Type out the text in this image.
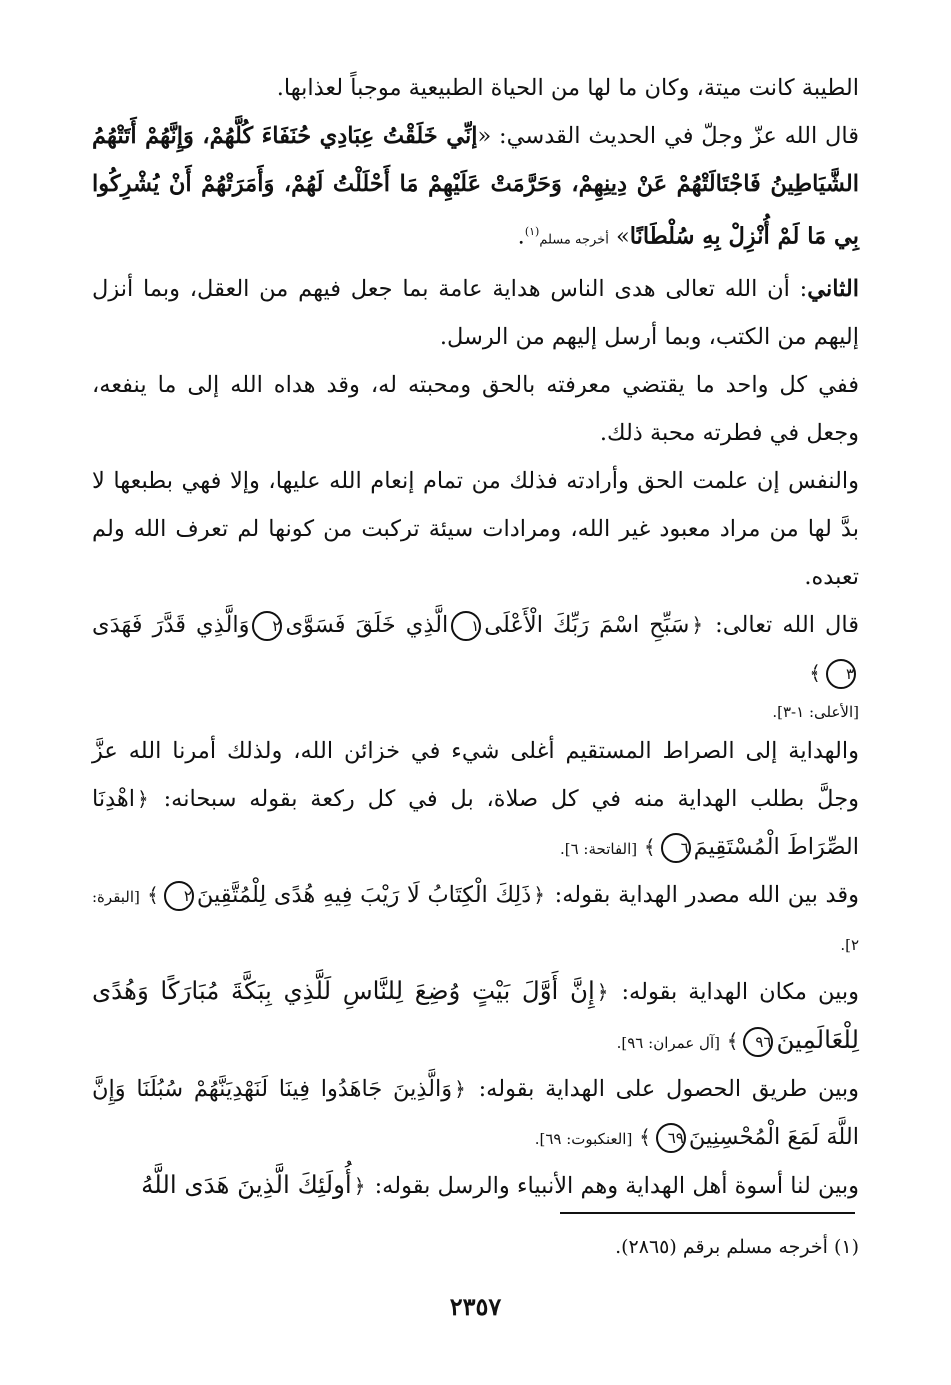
الطيبة كانت ميتة، وكان ما لها من الحياة الطبيعية موجباً لعذابها.

قال الله عزّ وجلّ في الحديث القدسي: «إنِّي خَلَقْتُ عِبَادِي حُنَفَاءَ كُلَّهُمْ، وَإِنَّهُمْ أَتَتْهُمُ الشَّيَاطِينُ فَاجْتَالَتْهُمْ عَنْ دِينِهِمْ، وَحَرَّمَتْ عَلَيْهِمْ مَا أَحْلَلْتُ لَهُمْ، وَأَمَرَتْهُمْ أَنْ يُشْرِكُوا بِي مَا لَمْ أُنْزِلْ بِهِ سُلْطَانًا» أخرجه مسلم$^{(١)}$.

الثاني: أن الله تعالى هدى الناس هداية عامة بما جعل فيهم من العقل، وبما أنزل إليهم من الكتب، وبما أرسل إليهم من الرسل.

ففي كل واحد ما يقتضي معرفته بالحق ومحبته له، وقد هداه الله إلى ما ينفعه، وجعل في فطرته محبة ذلك.

والنفس إن علمت الحق وأرادته فذلك من تمام إنعام الله عليها، وإلا فهي بطبعها لا بدَّ لها من مراد معبود غير الله، ومرادات سيئة تركبت من كونها لم تعرف الله ولم تعبده.

قال الله تعالى: ﴿سَبِّحِ اسْمَ رَبِّكَ الْأَعْلَى١الَّذِي خَلَقَ فَسَوَّى٢وَالَّذِي قَدَّرَ فَهَدَى٣﴾
[الأعلى: ١-٣].

والهداية إلى الصراط المستقيم أغلى شيء في خزائن الله، ولذلك أمرنا الله عزَّ وجلَّ بطلب الهداية منه في كل صلاة، بل في كل ركعة بقوله سبحانه: ﴿اهْدِنَا الصِّرَاطَ الْمُسْتَقِيمَ٦﴾ [الفاتحة: ٦].

وقد بين الله مصدر الهداية بقوله: ﴿ذَلِكَ الْكِتَابُ لَا رَيْبَ فِيهِ هُدًى لِلْمُتَّقِينَ٢﴾ [البقرة: ٢].

وبين مكان الهداية بقوله: ﴿إِنَّ أَوَّلَ بَيْتٍ وُضِعَ لِلنَّاسِ لَلَّذِي بِبَكَّةَ مُبَارَكًا وَهُدًى لِلْعَالَمِينَ٩٦﴾ [آل عمران: ٩٦].

وبين طريق الحصول على الهداية بقوله: ﴿وَالَّذِينَ جَاهَدُوا فِينَا لَنَهْدِيَنَّهُمْ سُبُلَنَا وَإِنَّ اللَّهَ لَمَعَ الْمُحْسِنِينَ٦٩﴾ [العنكبوت: ٦٩].

وبين لنا أسوة أهل الهداية وهم الأنبياء والرسل بقوله: ﴿أُولَئِكَ الَّذِينَ هَدَى اللَّهُ

(١) أخرجه مسلم برقم (٢٨٦٥).
٢٣٥٧
